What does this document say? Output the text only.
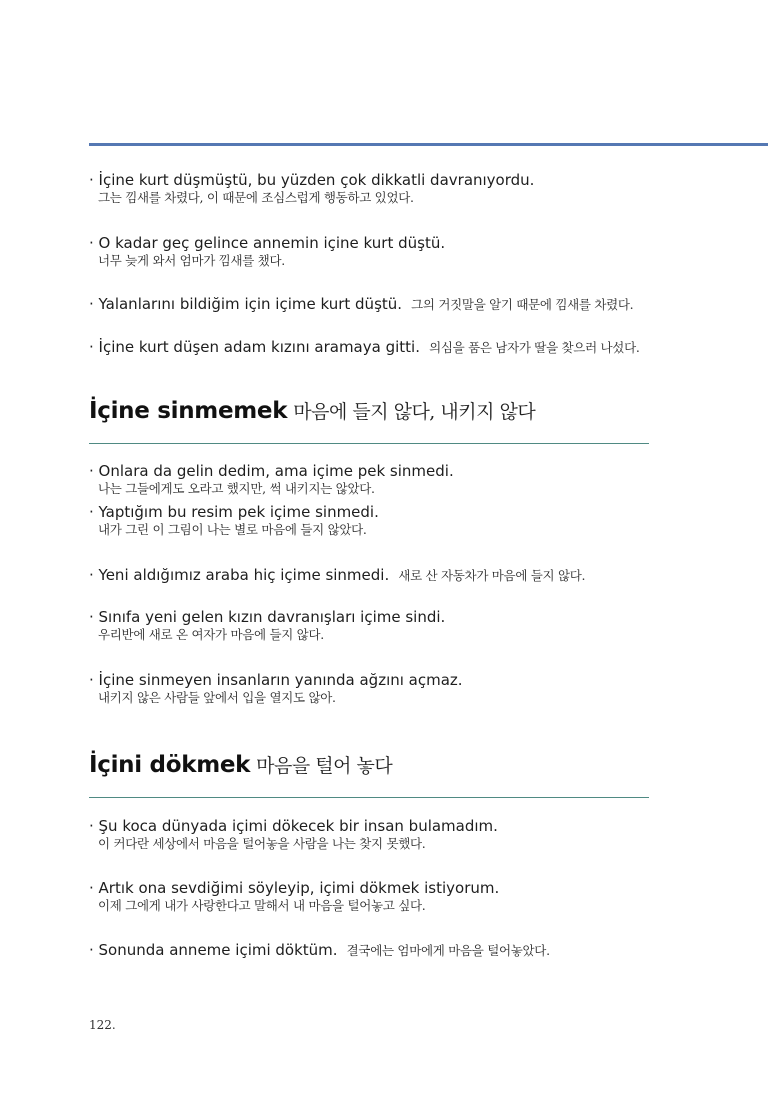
· İçine kurt düşmüştü, bu yüzden çok dikkatli davranıyordu.
그는 낌새를 차렸다, 이 때문에 조심스럽게 행동하고 있었다.
· O kadar geç gelince annemin içine kurt düştü.
너무 늦게 와서 엄마가 낌새를 챘다.
· Yalanlarını bildiğim için içime kurt düştü. 그의 거짓말을 알기 때문에 낌새를 차렸다.
· İçine kurt düşen adam kızını aramaya gitti. 의심을 품은 남자가 딸을 찾으러 나섰다.
İçine sinmemek 마음에 들지 않다, 내키지 않다
· Onlara da gelin dedim, ama içime pek sinmedi.
나는 그들에게도 오라고 했지만, 썩 내키지는 않았다.
· Yaptığım bu resim pek içime sinmedi.
내가 그린 이 그림이 나는 별로 마음에 들지 않았다.
· Yeni aldığımız araba hiç içime sinmedi. 새로 산 자동차가 마음에 들지 않다.
· Sınıfa yeni gelen kızın davranışları içime sindi.
우리반에 새로 온 여자가 마음에 들지 않다.
· İçine sinmeyen insanların yanında ağzını açmaz.
내키지 않은 사람들 앞에서 입을 열지도 않아.
İçini dökmek 마음을 털어 놓다
· Şu koca dünyada içimi dökecek bir insan bulamadım.
이 커다란 세상에서 마음을 털어놓을 사람을 나는 찾지 못했다.
· Artık ona sevdiğimi söyleyip, içimi dökmek istiyorum.
이제 그에게 내가 사랑한다고 말해서 내 마음을 털어놓고 싶다.
· Sonunda anneme içimi döktüm. 결국에는 엄마에게 마음을 털어놓았다.
122.
